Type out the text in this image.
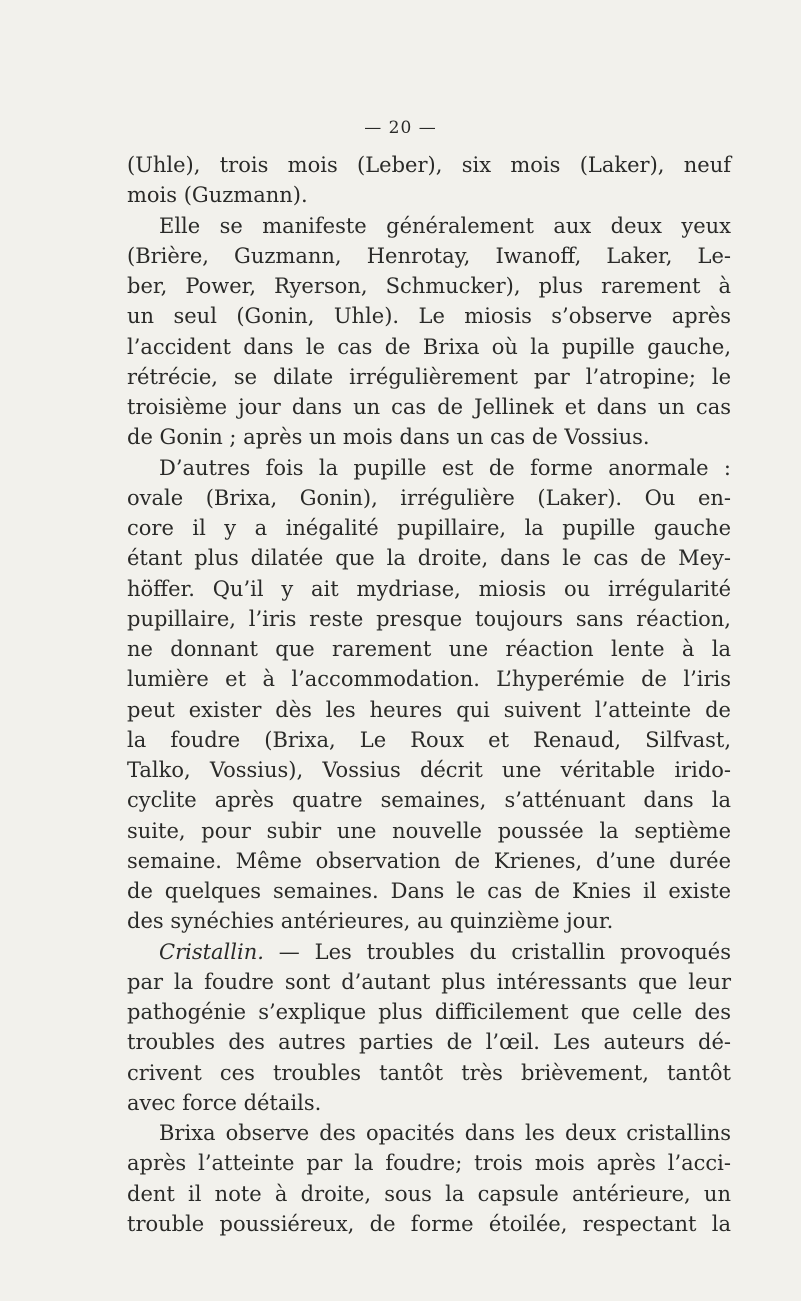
— 20 —
(Uhle), trois mois (Leber), six mois (Laker), neuf
mois (Guzmann).
Elle se manifeste généralement aux deux yeux
(Brière, Guzmann, Henrotay, Iwanoff, Laker, Le-
ber, Power, Ryerson, Schmucker), plus rarement à
un seul (Gonin, Uhle). Le miosis s’observe après
l’accident dans le cas de Brixa où la pupille gauche,
rétrécie, se dilate irrégulièrement par l’atropine; le
troisième jour dans un cas de Jellinek et dans un cas
de Gonin ; après un mois dans un cas de Vossius.
D’autres fois la pupille est de forme anormale :
ovale (Brixa, Gonin), irrégulière (Laker). Ou en-
core il y a inégalité pupillaire, la pupille gauche
étant plus dilatée que la droite, dans le cas de Mey-
höffer. Qu’il y ait mydriase, miosis ou irrégularité
pupillaire, l’iris reste presque toujours sans réaction,
ne donnant que rarement une réaction lente à la
lumière et à l’accommodation. L’hyperémie de l’iris
peut exister dès les heures qui suivent l’atteinte de
la foudre (Brixa, Le Roux et Renaud, Silfvast,
Talko, Vossius), Vossius décrit une véritable irido-
cyclite après quatre semaines, s’atténuant dans la
suite, pour subir une nouvelle poussée la septième
semaine. Même observation de Krienes, d’une durée
de quelques semaines. Dans le cas de Knies il existe
des synéchies antérieures, au quinzième jour.
Cristallin. — Les troubles du cristallin provoqués
par la foudre sont d’autant plus intéressants que leur
pathogénie s’explique plus difficilement que celle des
troubles des autres parties de l’œil. Les auteurs dé-
crivent ces troubles tantôt très brièvement, tantôt
avec force détails.
Brixa observe des opacités dans les deux cristallins
après l’atteinte par la foudre; trois mois après l’acci-
dent il note à droite, sous la capsule antérieure, un
trouble poussiéreux, de forme étoilée, respectant la
